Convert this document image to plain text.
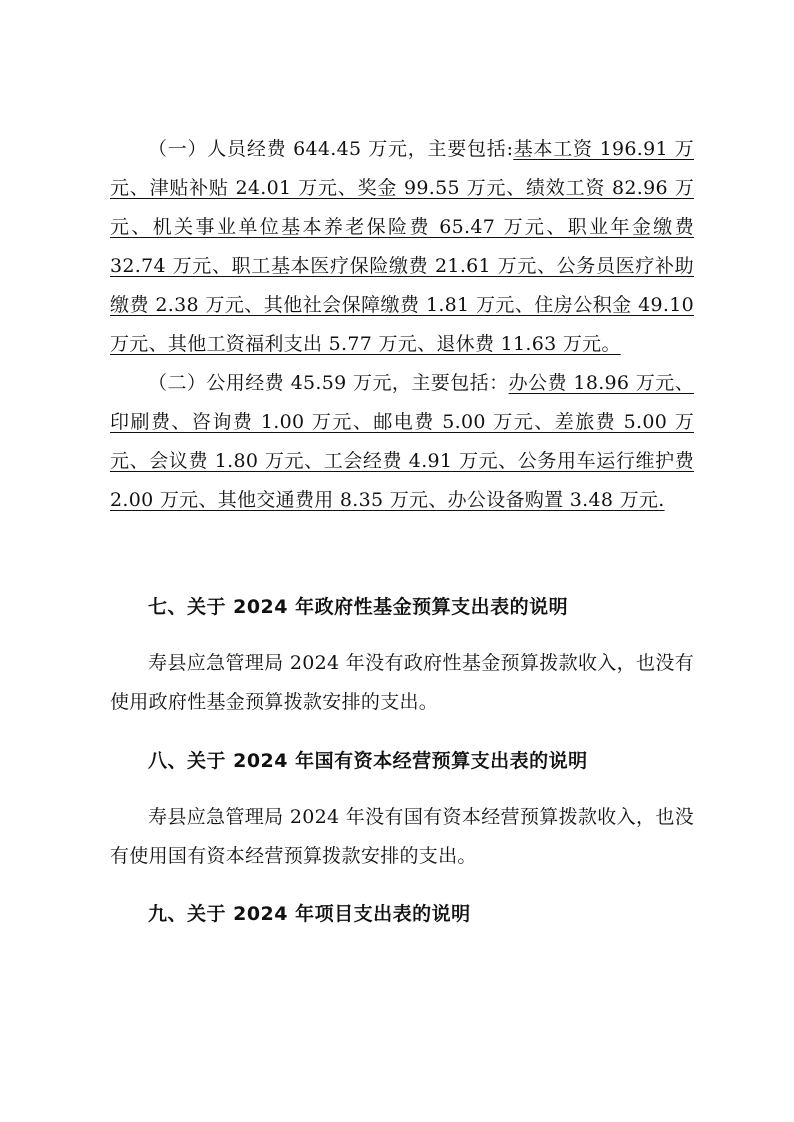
（一）人员经费 644.45 万元，主要包括:基本工资 196.91 万元、津贴补贴 24.01 万元、奖金 99.55 万元、绩效工资 82.96 万元、机关事业单位基本养老保险费 65.47 万元、职业年金缴费 32.74 万元、职工基本医疗保险缴费 21.61 万元、公务员医疗补助缴费 2.38 万元、其他社会保障缴费 1.81 万元、住房公积金 49.10 万元、其他工资福利支出 5.77 万元、退休费 11.63 万元。

（二）公用经费 45.59 万元，主要包括：办公费 18.96 万元、印刷费、咨询费 1.00 万元、邮电费 5.00 万元、差旅费 5.00 万元、会议费 1.80 万元、工会经费 4.91 万元、公务用车运行维护费 2.00 万元、其他交通费用 8.35 万元、办公设备购置 3.48 万元.

七、关于 2024 年政府性基金预算支出表的说明

寿县应急管理局 2024 年没有政府性基金预算拨款收入，也没有使用政府性基金预算拨款安排的支出。

八、关于 2024 年国有资本经营预算支出表的说明

寿县应急管理局 2024 年没有国有资本经营预算拨款收入，也没有使用国有资本经营预算拨款安排的支出。

九、关于 2024 年项目支出表的说明
